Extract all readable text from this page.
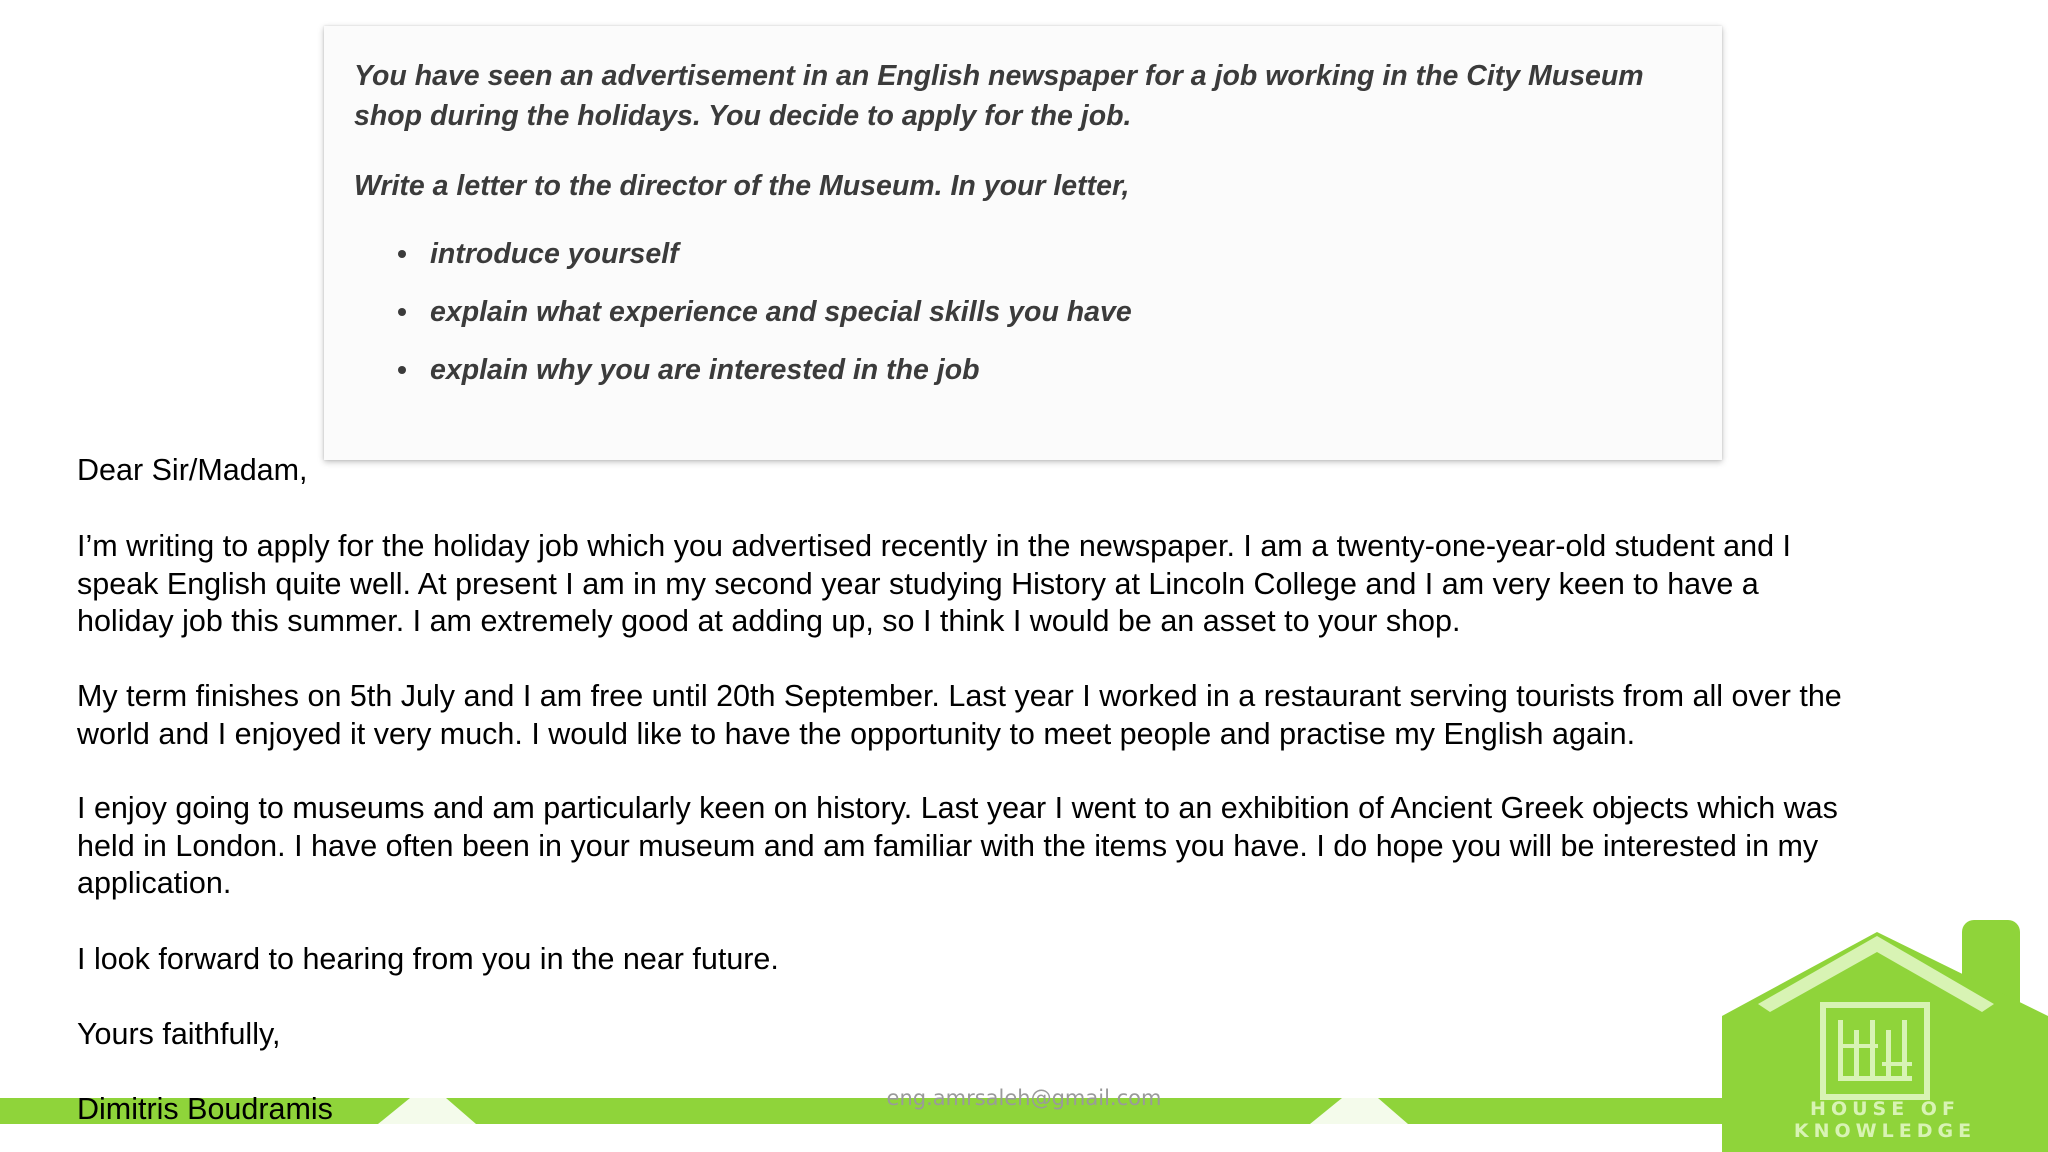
You have seen an advertisement in an English newspaper for a job working in the City Museum shop during the holidays. You decide to apply for the job.

Write a letter to the director of the Museum. In your letter,

introduce yourself
explain what experience and special skills you have
explain why you are interested in the job

Dear Sir/Madam,

I’m writing to apply for the holiday job which you advertised recently in the newspaper. I am a twenty-one-year-old student and I speak English quite well. At present I am in my second year studying History at Lincoln College and I am very keen to have a holiday job this summer. I am extremely good at adding up, so I think I would be an asset to your shop.

My term finishes on 5th July and I am free until 20th September. Last year I worked in a restaurant serving tourists from all over the world and I enjoyed it very much. I would like to have the opportunity to meet people and practise my English again.

I enjoy going to museums and am particularly keen on history. Last year I went to an exhibition of Ancient Greek objects which was held in London. I have often been in your museum and am familiar with the items you have. I do hope you will be interested in my application.

I look forward to hearing from you in the near future.

Yours faithfully,

Dimitris Boudramis	eng.amrsaleh@gmail.com	HOUSE OF KNOWLEDGE
